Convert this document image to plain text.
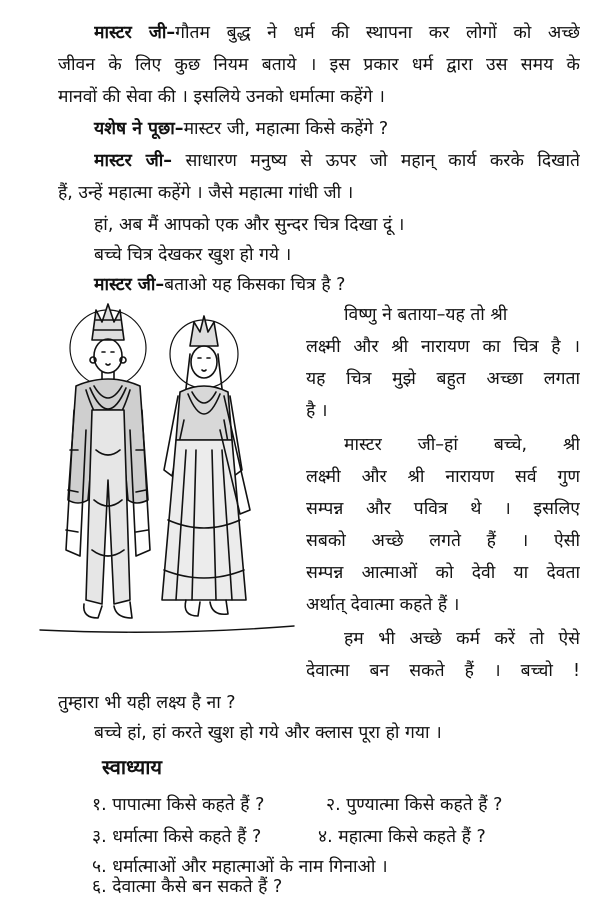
मास्टर जी–गौतम बुद्ध ने धर्म की स्थापना कर लोगों को अच्छे
जीवन के लिए कुछ नियम बताये । इस प्रकार धर्म द्वारा उस समय के
मानवों की सेवा की । इसलिये उनको धर्मात्मा कहेंगे ।
यशेष ने पूछा–मास्टर जी, महात्मा किसे कहेंगे ?
मास्टर जी– साधारण मनुष्य से ऊपर जो महान् कार्य करके दिखाते
हैं, उन्हें महात्मा कहेंगे । जैसे महात्मा गांधी जी ।
हां, अब मैं आपको एक और सुन्दर चित्र दिखा दूं ।
बच्चे चित्र देखकर खुश हो गये ।
मास्टर जी–बताओ यह किसका चित्र है ?
विष्णु ने बताया–यह तो श्री
लक्ष्मी और श्री नारायण का चित्र है ।
यह चित्र मुझे बहुत अच्छा लगता
है ।
मास्टर जी–हां बच्चे, श्री
लक्ष्मी और श्री नारायण सर्व गुण
सम्पन्न और पवित्र थे । इसलिए
सबको अच्छे लगते हैं । ऐसी
सम्पन्न आत्माओं को देवी या देवता
अर्थात् देवात्मा कहते हैं ।
हम भी अच्छे कर्म करें तो ऐसे
देवात्मा बन सकते हैं । बच्चो !
तुम्हारा भी यही लक्ष्य है ना ?
बच्चे हां, हां करते खुश हो गये और क्लास पूरा हो गया ।
स्वाध्याय
१. पापात्मा किसे कहते हैं ?	२. पुण्यात्मा किसे कहते हैं ?
३. धर्मात्मा किसे कहते हैं ?	४. महात्मा किसे कहते हैं ?
५. धर्मात्माओं और महात्माओं के नाम गिनाओ ।
६. देवात्मा कैसे बन सकते हैं ?
